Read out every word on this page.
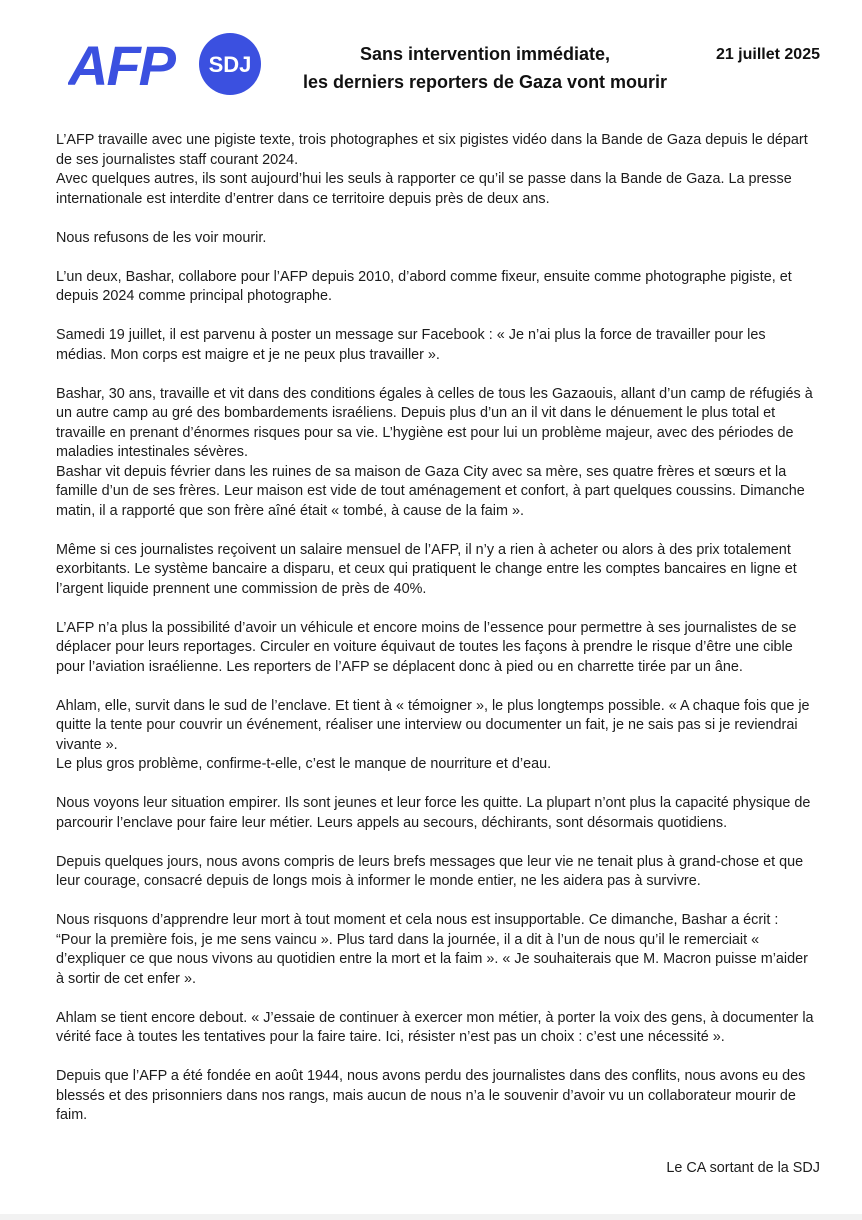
AFP SDJ	Sans intervention immédiate,
les derniers reporters de Gaza vont mourir
21 juillet 2025

L’AFP travaille avec une pigiste texte, trois photographes et six pigistes vidéo dans la Bande de Gaza depuis le départ de ses journalistes staff courant 2024.
Avec quelques autres, ils sont aujourd’hui les seuls à rapporter ce qu’il se passe dans la Bande de Gaza. La presse internationale est interdite d’entrer dans ce territoire depuis près de deux ans.

Nous refusons de les voir mourir.

L’un deux, Bashar, collabore pour l’AFP depuis 2010, d’abord comme fixeur, ensuite comme photographe pigiste, et depuis 2024 comme principal photographe.

Samedi 19 juillet, il est parvenu à poster un message sur Facebook : « Je n’ai plus la force de travailler pour les médias. Mon corps est maigre et je ne peux plus travailler ».

Bashar, 30 ans, travaille et vit dans des conditions égales à celles de tous les Gazaouis, allant d’un camp de réfugiés à un autre camp au gré des bombardements israéliens. Depuis plus d’un an il vit dans le dénuement le plus total et travaille en prenant d’énormes risques pour sa vie. L’hygiène est pour lui un problème majeur, avec des périodes de maladies intestinales sévères.
Bashar vit depuis février dans les ruines de sa maison de Gaza City avec sa mère, ses quatre frères et sœurs et la famille d’un de ses frères. Leur maison est vide de tout aménagement et confort, à part quelques coussins. Dimanche matin, il a rapporté que son frère aîné était « tombé, à cause de la faim ».

Même si ces journalistes reçoivent un salaire mensuel de l’AFP, il n’y a rien à acheter ou alors à des prix totalement exorbitants. Le système bancaire a disparu, et ceux qui pratiquent le change entre les comptes bancaires en ligne et l’argent liquide prennent une commission de près de 40%.

L’AFP n’a plus la possibilité d’avoir un véhicule et encore moins de l’essence pour permettre à ses journalistes de se déplacer pour leurs reportages. Circuler en voiture équivaut de toutes les façons à prendre le risque d’être une cible pour l’aviation israélienne. Les reporters de l’AFP se déplacent donc à pied ou en charrette tirée par un âne.

Ahlam, elle, survit dans le sud de l’enclave. Et tient à « témoigner », le plus longtemps possible. « A chaque fois que je quitte la tente pour couvrir un événement, réaliser une interview ou documenter un fait, je ne sais pas si je reviendrai vivante ».
Le plus gros problème, confirme-t-elle, c’est le manque de nourriture et d’eau.

Nous voyons leur situation empirer. Ils sont jeunes et leur force les quitte. La plupart n’ont plus la capacité physique de parcourir l’enclave pour faire leur métier. Leurs appels au secours, déchirants, sont désormais quotidiens.

Depuis quelques jours, nous avons compris de leurs brefs messages que leur vie ne tenait plus à grand-chose et que leur courage, consacré depuis de longs mois à informer le monde entier, ne les aidera pas à survivre.

Nous risquons d’apprendre leur mort à tout moment et cela nous est insupportable. Ce dimanche, Bashar a écrit : “Pour la première fois, je me sens vaincu ». Plus tard dans la journée, il a dit à l’un de nous qu’il le remerciait « d’expliquer ce que nous vivons au quotidien entre la mort et la faim ». « Je souhaiterais que M. Macron puisse m’aider à sortir de cet enfer ».

Ahlam se tient encore debout. « J’essaie de continuer à exercer mon métier, à porter la voix des gens, à documenter la vérité face à toutes les tentatives pour la faire taire. Ici, résister n’est pas un choix : c’est une nécessité ».

Depuis que l’AFP a été fondée en août 1944, nous avons perdu des journalistes dans des conflits, nous avons eu des blessés et des prisonniers dans nos rangs, mais aucun de nous n’a le souvenir d’avoir vu un collaborateur mourir de faim.

Le CA sortant de la SDJ
